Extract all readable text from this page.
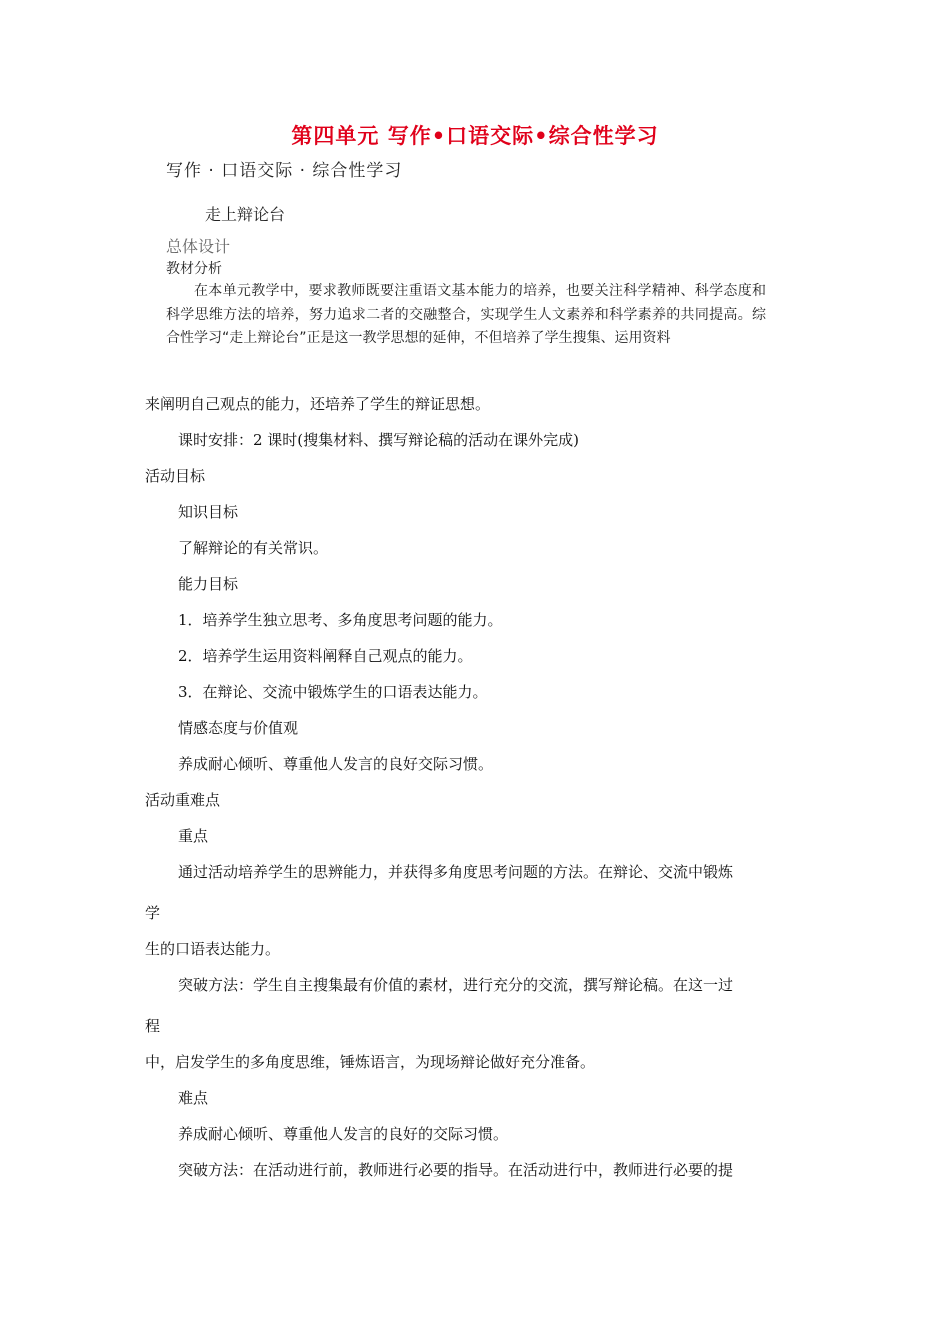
第四单元 写作•口语交际•综合性学习
写作 · 口语交际 · 综合性学习
走上辩论台
总体设计
教材分析
在本单元教学中，要求教师既要注重语文基本能力的培养，也要关注科学精神、科学态度和科学思维方法的培养，努力追求二者的交融整合，实现学生人文素养和科学素养的共同提高。综合性学习“走上辩论台”正是这一教学思想的延伸，不但培养了学生搜集、运用资料
来阐明自己观点的能力，还培养了学生的辩证思想。
课时安排：2 课时(搜集材料、撰写辩论稿的活动在课外完成)
活动目标
知识目标
了解辩论的有关常识。
能力目标
1．培养学生独立思考、多角度思考问题的能力。
2．培养学生运用资料阐释自己观点的能力。
3．在辩论、交流中锻炼学生的口语表达能力。
情感态度与价值观
养成耐心倾听、尊重他人发言的良好交际习惯。
活动重难点
重点
通过活动培养学生的思辨能力，并获得多角度思考问题的方法。在辩论、交流中锻炼
学
生的口语表达能力。
突破方法：学生自主搜集最有价值的素材，进行充分的交流，撰写辩论稿。在这一过
程
中，启发学生的多角度思维，锤炼语言，为现场辩论做好充分准备。
难点
养成耐心倾听、尊重他人发言的良好的交际习惯。
突破方法：在活动进行前，教师进行必要的指导。在活动进行中，教师进行必要的提
